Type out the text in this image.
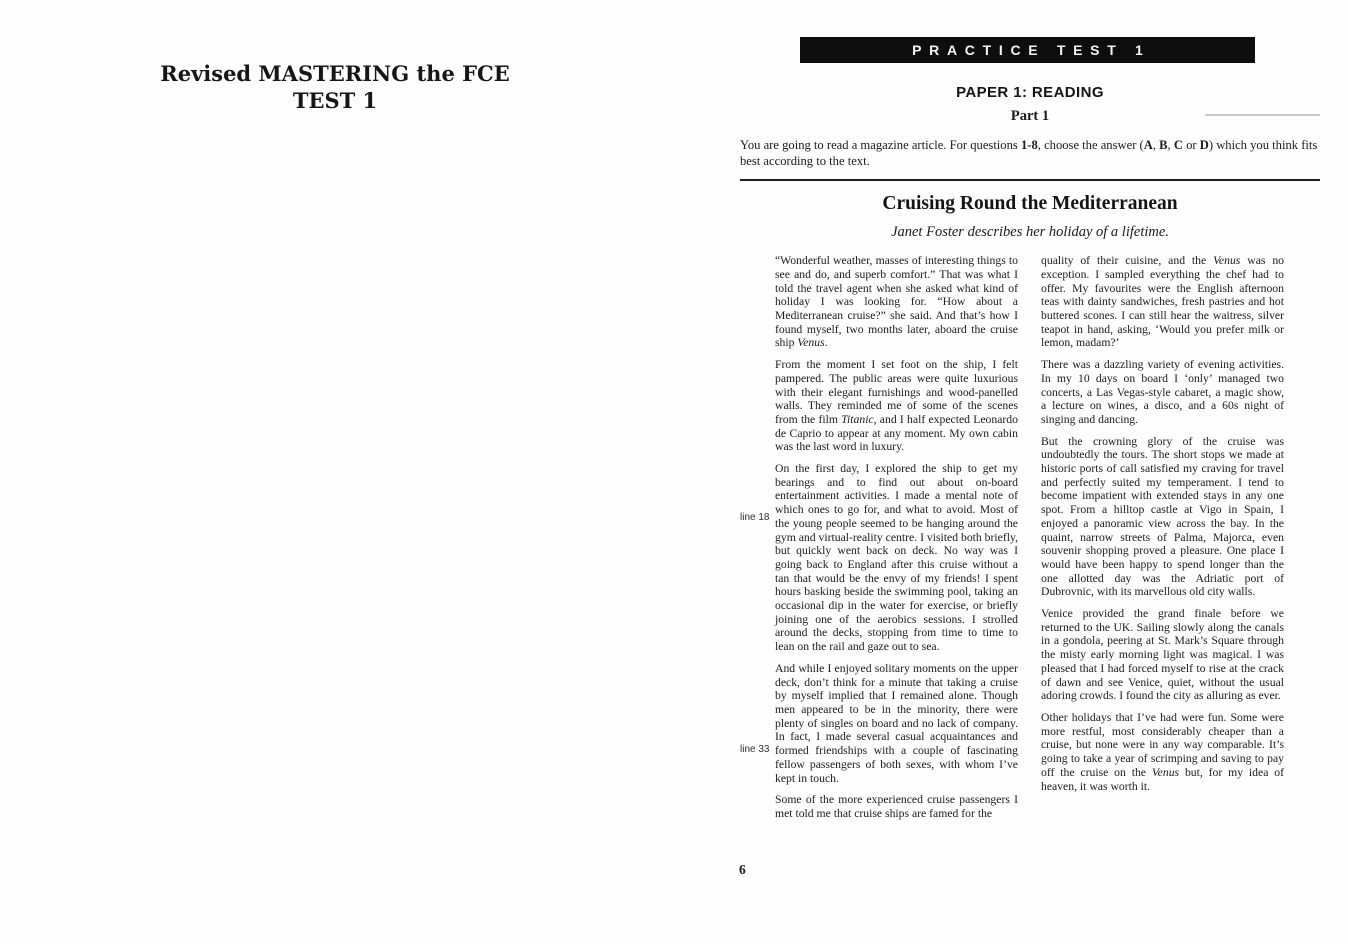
Revised MASTERING the FCE
TEST 1
PRACTICE TEST 1
PAPER 1: READING
Part 1

You are going to read a magazine article. For questions 1-8, choose the answer (A, B, C or D) which you think fits best according to the text.

Cruising Round the Mediterranean
Janet Foster describes her holiday of a lifetime.

“Wonderful weather, masses of interesting things to see and do, and superb comfort.” That was what I told the travel agent when she asked what kind of holiday I was looking for. “How about a Mediterranean cruise?” she said. And that’s how I found myself, two months later, aboard the cruise ship Venus.

From the moment I set foot on the ship, I felt pampered. The public areas were quite luxurious with their elegant furnishings and wood-panelled walls. They reminded me of some of the scenes from the film Titanic, and I half expected Leonardo de Caprio to appear at any moment. My own cabin was the last word in luxury.

On the first day, I explored the ship to get my bearings and to find out about on-board entertainment activities. I made a mental note of which ones to go for, and what to avoid. Most of the young people seemed to be hanging around the gym and virtual-reality centre. I visited both briefly, but quickly went back on deck. No way was I going back to England after this cruise without a tan that would be the envy of my friends! I spent hours basking beside the swimming pool, taking an occasional dip in the water for exercise, or briefly joining one of the aerobics sessions. I strolled around the decks, stopping from time to time to lean on the rail and gaze out to sea.

And while I enjoyed solitary moments on the upper deck, don’t think for a minute that taking a cruise by myself implied that I remained alone. Though men appeared to be in the minority, there were plenty of singles on board and no lack of company. In fact, I made several casual acquaintances and formed friendships with a couple of fascinating fellow passengers of both sexes, with whom I’ve kept in touch.

Some of the more experienced cruise passengers I met told me that cruise ships are famed for the

quality of their cuisine, and the Venus was no exception. I sampled everything the chef had to offer. My favourites were the English afternoon teas with dainty sandwiches, fresh pastries and hot buttered scones. I can still hear the waitress, silver teapot in hand, asking, ‘Would you prefer milk or lemon, madam?’

There was a dazzling variety of evening activities. In my 10 days on board I ‘only’ managed two concerts, a Las Vegas-style cabaret, a magic show, a lecture on wines, a disco, and a 60s night of singing and dancing.

But the crowning glory of the cruise was undoubtedly the tours. The short stops we made at historic ports of call satisfied my craving for travel and perfectly suited my temperament. I tend to become impatient with extended stays in any one spot. From a hilltop castle at Vigo in Spain, I enjoyed a panoramic view across the bay. In the quaint, narrow streets of Palma, Majorca, even souvenir shopping proved a pleasure. One place I would have been happy to spend longer than the one allotted day was the Adriatic port of Dubrovnic, with its marvellous old city walls.

Venice provided the grand finale before we returned to the UK. Sailing slowly along the canals in a gondola, peering at St. Mark’s Square through the misty early morning light was magical. I was pleased that I had forced myself to rise at the crack of dawn and see Venice, quiet, without the usual adoring crowds. I found the city as alluring as ever.

Other holidays that I’ve had were fun. Some were more restful, most considerably cheaper than a cruise, but none were in any way comparable. It’s going to take a year of scrimping and saving to pay off the cruise on the Venus but, for my idea of heaven, it was worth it.

line 18
line 33
6
